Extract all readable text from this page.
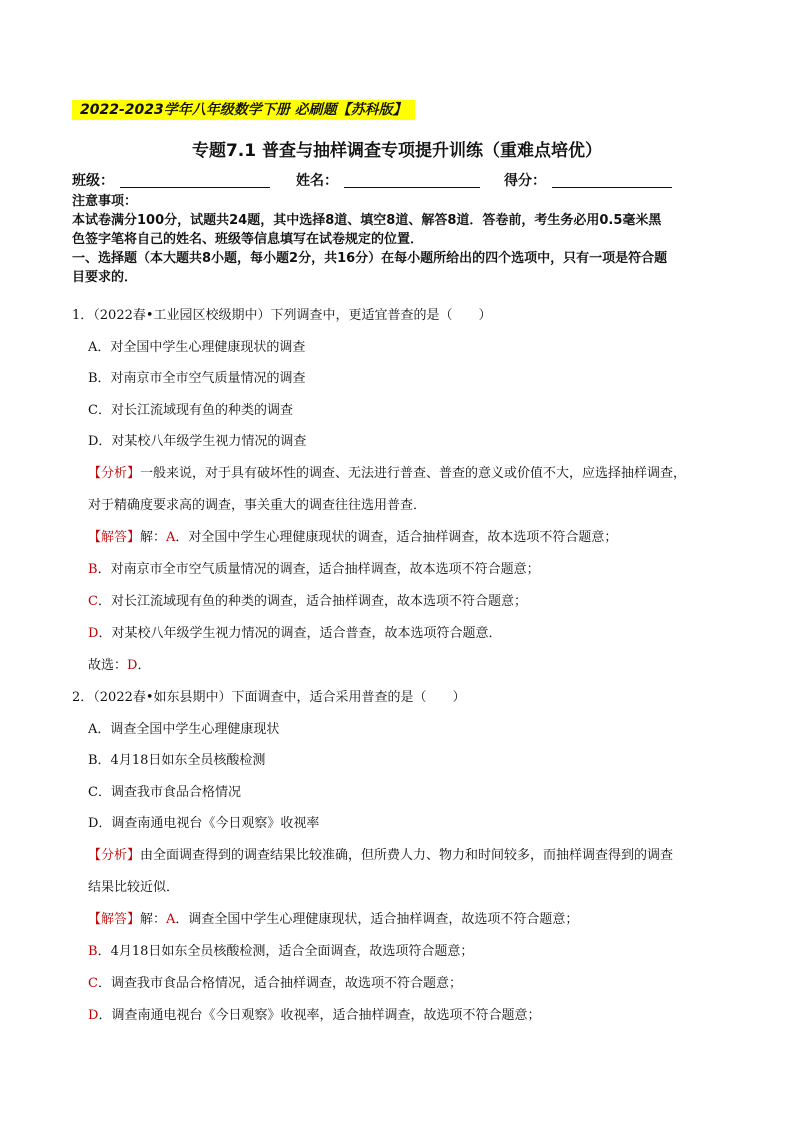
2022-2023学年八年级数学下册 必刷题【苏科版】
专题7.1 普查与抽样调查专项提升训练（重难点培优）
班级：	姓名：	得分：

注意事项：

本试卷满分100分，试题共24题，其中选择8道、填空8道、解答8道．答卷前，考生务必用0.5毫米黑

色签字笔将自己的姓名、班级等信息填写在试卷规定的位置．

一、选择题（本大题共8小题，每小题2分，共16分）在每小题所给出的四个选项中，只有一项是符合题

目要求的．

1．（2022春•工业园区校级期中）下列调查中，更适宜普查的是（　　）
A．对全国中学生心理健康现状的调查
B．对南京市全市空气质量情况的调查
C．对长江流域现有鱼的种类的调查
D．对某校八年级学生视力情况的调查
【分析】一般来说，对于具有破坏性的调查、无法进行普查、普查的意义或价值不大，应选择抽样调查，
对于精确度要求高的调查，事关重大的调查往往选用普查．
【解答】解：A．对全国中学生心理健康现状的调查，适合抽样调查，故本选项不符合题意；
B．对南京市全市空气质量情况的调查，适合抽样调查，故本选项不符合题意；
C．对长江流域现有鱼的种类的调查，适合抽样调查，故本选项不符合题意；
D．对某校八年级学生视力情况的调查，适合普查，故本选项符合题意．
故选：D．
2．（2022春•如东县期中）下面调查中，适合采用普查的是（　　）
A．调查全国中学生心理健康现状
B．4月18日如东全员核酸检测
C．调查我市食品合格情况
D．调查南通电视台《今日观察》收视率
【分析】由全面调查得到的调查结果比较准确，但所费人力、物力和时间较多，而抽样调查得到的调查
结果比较近似．
【解答】解：A．调查全国中学生心理健康现状，适合抽样调查，故选项不符合题意；
B．4月18日如东全员核酸检测，适合全面调查，故选项符合题意；
C．调查我市食品合格情况，适合抽样调查，故选项不符合题意；
D．调查南通电视台《今日观察》收视率，适合抽样调查，故选项不符合题意；
